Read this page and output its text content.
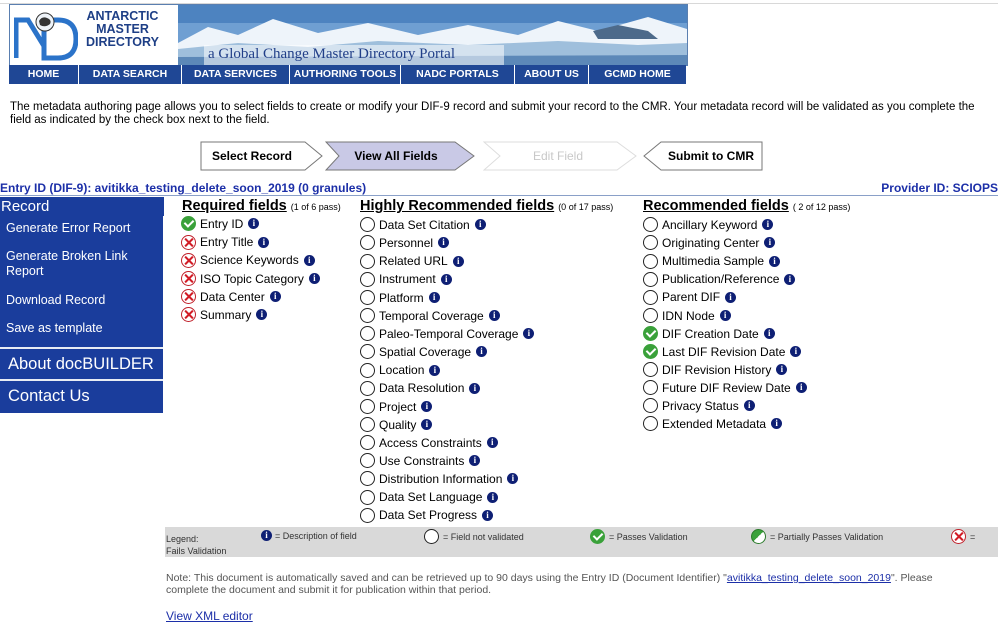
ANTARCTIC
MASTER
DIRECTORY
a Global Change Master Directory Portal
HOME	DATA SEARCH	DATA SERVICES	AUTHORING TOOLS	NADC PORTALS	ABOUT US	GCMD HOME
The metadata authoring page allows you to select fields to create or modify your DIF-9 record and submit your record to the CMR. Your metadata record will be validated as you complete the field as indicated by the check box next to the field.
Select Record	View All Fields	Edit Field	Submit to CMR
Entry ID (DIF-9): avitikka_testing_delete_soon_2019 (0 granules)	Provider ID: SCIOPS
Record
Generate Error Report
Generate Broken Link Report
Download Record
Save as template
About docBUILDER
Contact Us
Required fields (1 of 6 pass) Highly Recommended fields (0 of 17 pass) Recommended fields ( 2 of 12 pass)
Entry ID i
Entry Title i
Science Keywords i
ISO Topic Category i
Data Center i
Summary i
Data Set Citation i
Personnel i
Related URL i
Instrument i
Platform i
Temporal Coverage i
Paleo-Temporal Coverage i
Spatial Coverage i
Location i
Data Resolution i
Project i
Quality i
Access Constraints i
Use Constraints i
Distribution Information i
Data Set Language i
Data Set Progress i
Ancillary Keyword i
Originating Center i
Multimedia Sample i
Publication/Reference i
Parent DIF i
IDN Node i
DIF Creation Date i
Last DIF Revision Date i
DIF Revision History i
Future DIF Review Date i
Privacy Status i
Extended Metadata i
Legend:	i = Description of field	= Field not validated	= Passes Validation	= Partially Passes Validation	=
Fails Validation
Note: This document is automatically saved and can be retrieved up to 90 days using the Entry ID (Document Identifier) "avitikka_testing_delete_soon_2019". Please complete the document and submit it for publication within that period.
View XML editor
